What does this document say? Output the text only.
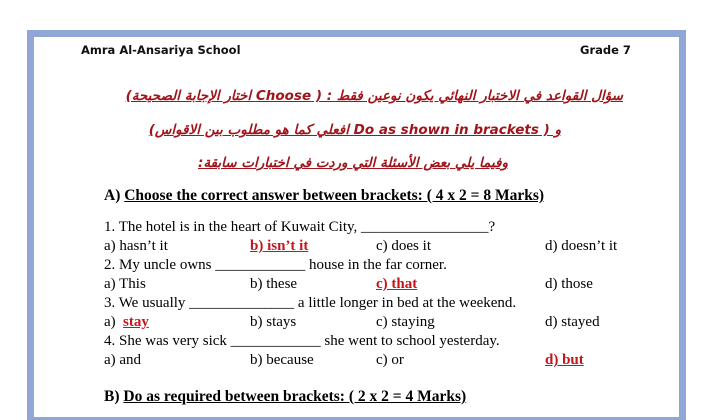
Amra Al-Ansariya School	Grade 7
سؤال القواعد في الاختبار النهائي يكون نوعين فقط : ( Choose اختار الإجابة الصحيحة)
و ( Do as shown in brackets افعلي كما هو مطلوب بين الاقواس)
وفيما يلي بعض الأسئلة التي وردت في اختبارات سابقة:
A) Choose the correct answer between brackets: ( 4 x 2 = 8 Marks)
1. The hotel is in the heart of Kuwait City, _________________?
a) hasn’t it	b) isn’t it	c) does it	d) doesn’t it
2. My uncle owns ____________ house in the far corner.
a) This	b) these	c) that	d) those
3. We usually ______________ a little longer in bed at the weekend.
a) stay	b) stays	c) staying	d) stayed
4. She was very sick ____________ she went to school yesterday.
a) and	b) because	c) or	d) but
B) Do as required between brackets: ( 2 x 2 = 4 Marks)
